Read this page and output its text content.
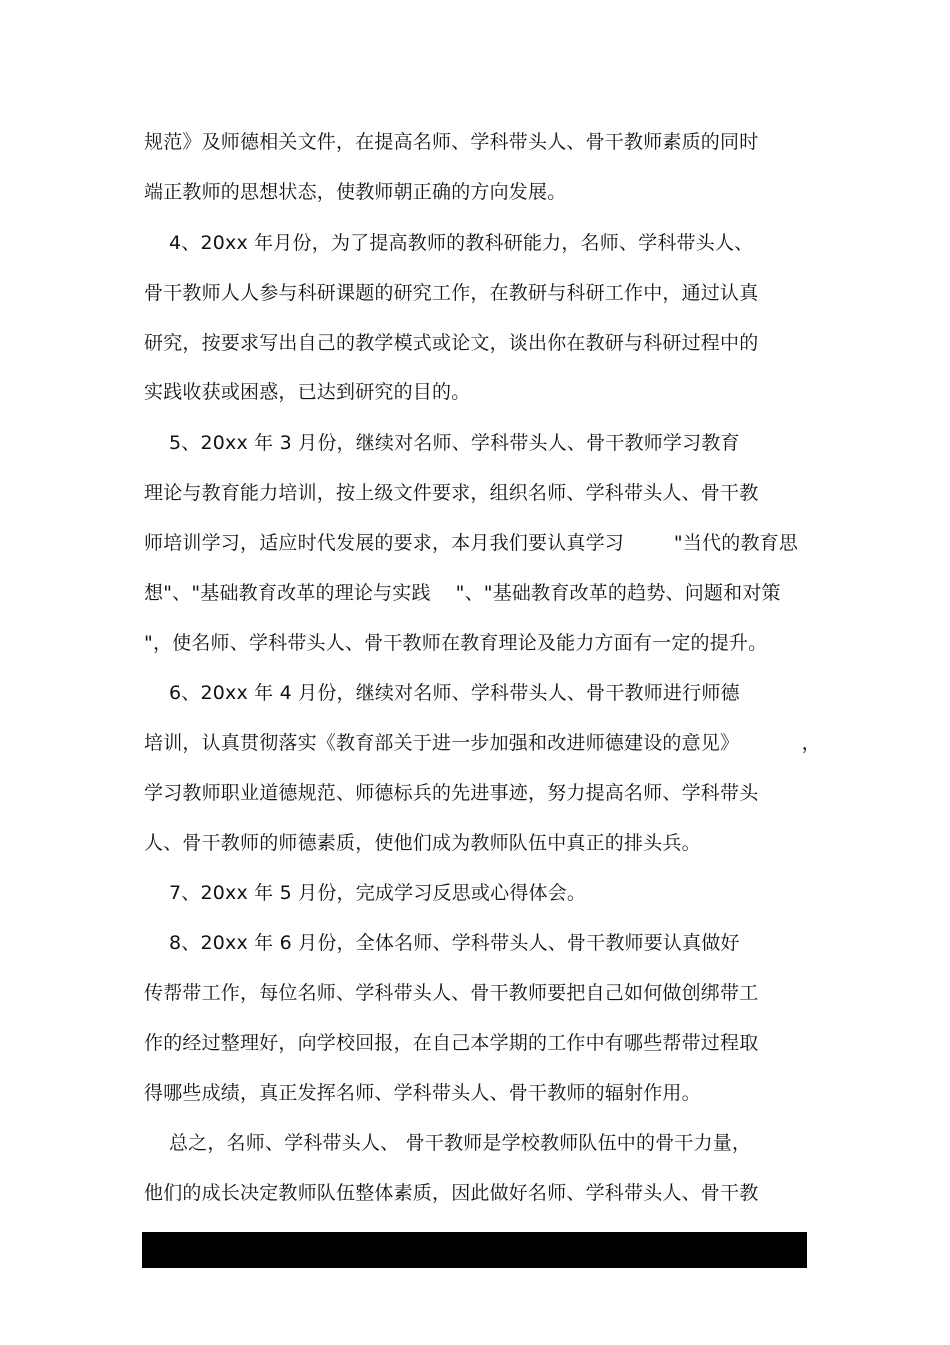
规范》及师德相关文件，在提高名师、学科带头人、骨干教师素质的同时
端正教师的思想状态，使教师朝正确的方向发展。
4、20xx 年月份，为了提高教师的教科研能力，名师、学科带头人、
骨干教师人人参与科研课题的研究工作，在教研与科研工作中，通过认真
研究，按要求写出自己的教学模式或论文，谈出你在教研与科研过程中的
实践收获或困惑，已达到研究的目的。
5、20xx 年 3 月份，继续对名师、学科带头人、骨干教师学习教育
理论与教育能力培训，按上级文件要求，组织名师、学科带头人、骨干教
师培训学习，适应时代发展的要求，本月我们要认真学习        "当代的教育思
想"、"基础教育改革的理论与实践    "、"基础教育改革的趋势、问题和对策
"，使名师、学科带头人、骨干教师在教育理论及能力方面有一定的提升。
6、20xx 年 4 月份，继续对名师、学科带头人、骨干教师进行师德
培训，认真贯彻落实《教育部关于进一步加强和改进师德建设的意见》          ，
学习教师职业道德规范、师德标兵的先进事迹，努力提高名师、学科带头
人、骨干教师的师德素质，使他们成为教师队伍中真正的排头兵。
7、20xx 年 5 月份，完成学习反思或心得体会。
8、20xx 年 6 月份，全体名师、学科带头人、骨干教师要认真做好
传帮带工作，每位名师、学科带头人、骨干教师要把自己如何做创绑带工
作的经过整理好，向学校回报，在自己本学期的工作中有哪些帮带过程取
得哪些成绩，真正发挥名师、学科带头人、骨干教师的辐射作用。
总之，名师、学科带头人、 骨干教师是学校教师队伍中的骨干力量，
他们的成长决定教师队伍整体素质，因此做好名师、学科带头人、骨干教
